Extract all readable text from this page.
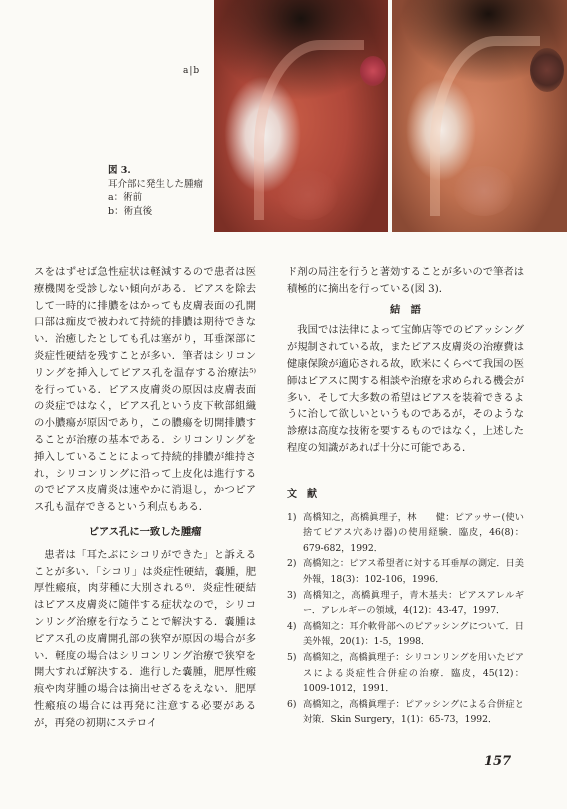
a|b
図 3.
耳介部に発生した腫瘤
a：術前
b：術直後

スをはずせば急性症状は軽減するので患者は医療機関を受診しない傾向がある．ピアスを除去して一時的に排膿をはかっても皮膚表面の孔開口部は痂皮で被われて持続的排膿は期待できない．治癒したとしても孔は塞がり，耳垂深部に炎症性硬結を残すことが多い．筆者はシリコンリングを挿入してピアス孔を温存する治療法⁵⁾を行っている．ピアス皮膚炎の原因は皮膚表面の炎症ではなく，ピアス孔という皮下軟部組織の小膿瘍が原因であり，この膿瘍を切開排膿することが治療の基本である．シリコンリングを挿入していることによって持続的排膿が維持され，シリコンリングに沿って上皮化は進行するのでピアス皮膚炎は速やかに消退し，かつピアス孔も温存できるという利点もある．

ピアス孔に一致した腫瘤

患者は「耳たぶにシコリができた」と訴えることが多い．「シコリ」は炎症性硬結，嚢腫，肥厚性瘢痕，肉芽種に大別される⁶⁾．炎症性硬結はピアス皮膚炎に随伴する症状なので，シリコンリング治療を行なうことで解決する．嚢腫はピアス孔の皮膚開孔部の狭窄が原因の場合が多い．軽度の場合はシリコンリング治療で狭窄を開大すれば解決する．進行した嚢腫，肥厚性瘢痕や肉芽腫の場合は摘出せざるをえない．肥厚性瘢痕の場合には再発に注意する必要があるが，再発の初期にステロイ

ド剤の局注を行うと著効することが多いので筆者は積極的に摘出を行っている(図 3)．

結　語

我国では法律によって宝飾店等でのピアッシングが規制されている故，またピアス皮膚炎の治療費は健康保険が適応される故，欧米にくらべて我国の医師はピアスに関する相談や治療を求められる機会が多い．そして大多数の希望はピアスを装着できるように治して欲しいというものであるが，そのような診療は高度な技術を要するものではなく，上述した程度の知識があれば十分に可能である．

文　献
1) 高橋知之，高橋眞理子，林　　健：ピアッサー(使い捨てピアス穴あけ器)の使用経験．臨皮，46(8)：679-682，1992．
2) 高橋知之：ピアス希望者に対する耳垂厚の測定．日美外報，18(3)：102-106，1996．
3) 高橋知之，高橋眞理子，青木基夫：ピアスアレルギー．アレルギーの領域，4(12)：43-47，1997．
4) 高橋知之：耳介軟骨部へのピアッシングについて．日美外報，20(1)：1-5，1998．
5) 高橋知之，高橋眞理子：シリコンリングを用いたピアスによる炎症性合併症の治療．臨皮，45(12)：1009-1012，1991．
6) 高橋知之，高橋眞理子：ピアッシングによる合併症と対策．Skin Surgery，1(1)：65-73，1992．
157
